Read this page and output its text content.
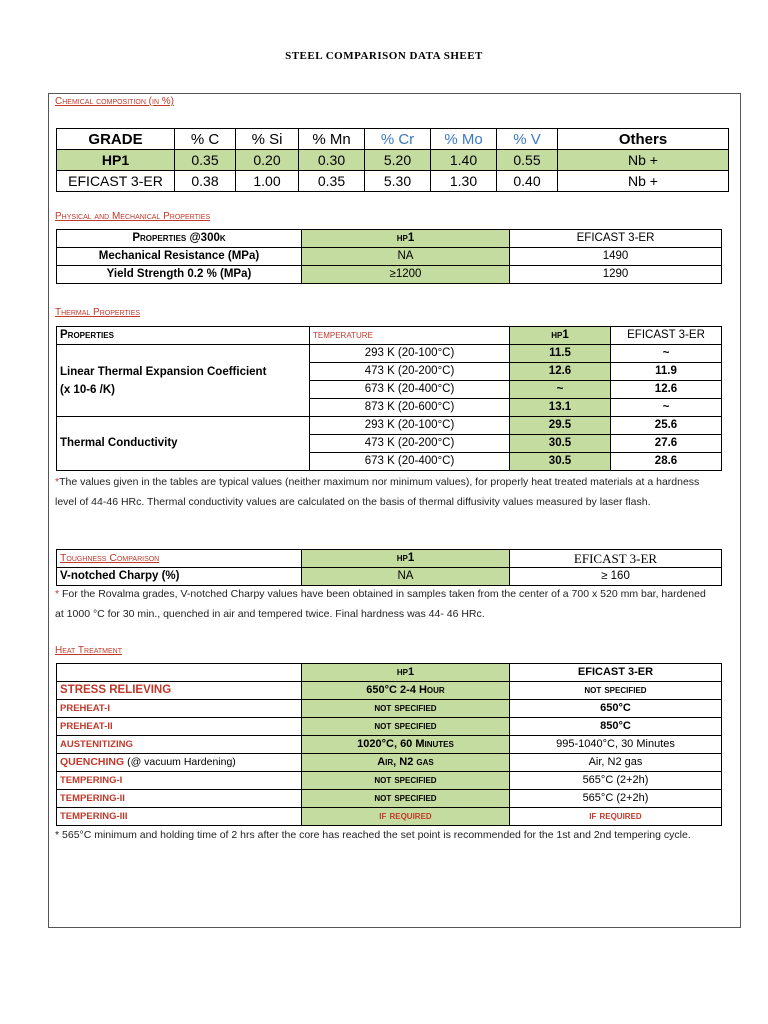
STEEL COMPARISON DATA SHEET
Chemical composition (in %)
GRADE	% C	% Si	% Mn	% Cr	% Mo	% V	Others
HP1	0.35	0.20	0.30	5.20	1.40	0.55	Nb +
EFICAST 3-ER	0.38	1.00	0.35	5.30	1.30	0.40	Nb +
Physical and Mechanical Properties
Properties @300k	hp1	EFICAST 3-ER
Mechanical Resistance (MPa)	NA	1490
Yield Strength 0.2 % (MPa)	≥1200	1290
Thermal Properties
Properties	temperature	hp1	EFICAST 3-ER
Linear Thermal Expansion Coefficient
(x 10-6 /K)	293 K (20-100°C)	11.5	~
	473 K (20-200°C)	12.6	11.9
	673 K (20-400°C)	~	12.6
	873 K (20-600°C)	13.1	~
Thermal Conductivity	293 K (20-100°C)	29.5	25.6
	473 K (20-200°C)	30.5	27.6
	673 K (20-400°C)	30.5	28.6
*The values given in the tables are typical values (neither maximum nor minimum values), for properly heat treated materials at a hardness level of 44-46 HRc. Thermal conductivity values are calculated on the basis of thermal diffusivity values measured by laser flash.
Toughness Comparison	hp1	EFICAST 3-ER
V-notched Charpy (%)	NA	≥ 160
* For the Rovalma grades, V-notched Charpy values have been obtained in samples taken from the center of a 700 x 520 mm bar, hardened at 1000 °C for 30 min., quenched in air and tempered twice. Final hardness was 44- 46 HRc.
Heat Treatment
	hp1	EFICAST 3-ER
STRESS RELIEVING	650°C 2-4 Hour	not specified
PREHEAT-I	not specified	650°C
PREHEAT-II	not specified	850°C
AUSTENITIZING	1020°C, 60 Minutes	995-1040°C, 30 Minutes
QUENCHING (@ vacuum Hardening)	Air, N2 gas	Air, N2 gas
TEMPERING-I	not specified	565°C (2+2h)
TEMPERING-II	not specified	565°C (2+2h)
TEMPERING-III	if required	if required
* 565°C minimum and holding time of 2 hrs after the core has reached the set point is recommended for the 1st and 2nd tempering cycle.
